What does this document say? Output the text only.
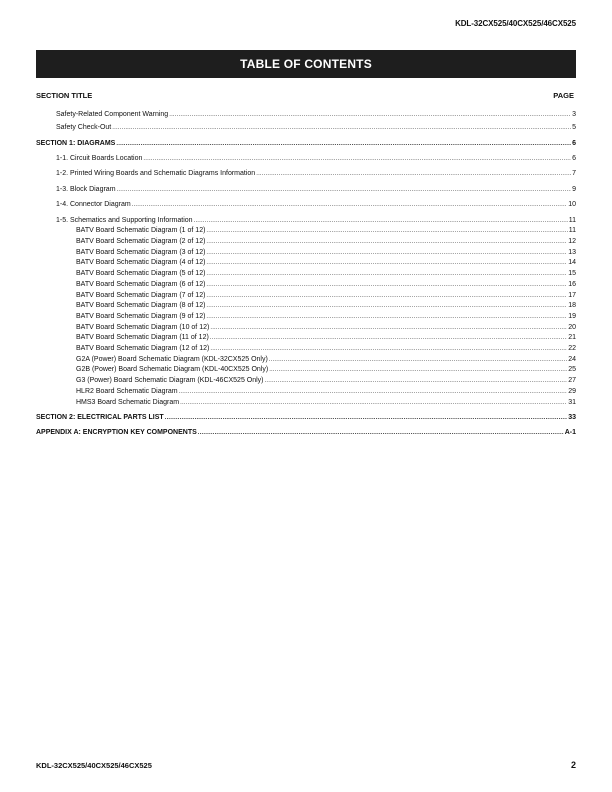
KDL-32CX525/40CX525/46CX525
TABLE OF CONTENTS
SECTION TITLE	PAGE
Safety-Related Component Warning .....	3
Safety Check-Out .....	5
SECTION 1: DIAGRAMS .....	6
1-1. Circuit Boards Location .....	6
1-2. Printed Wiring Boards and Schematic Diagrams Information .....	7
1-3. Block Diagram .....	9
1-4. Connector Diagram .....	10
1-5. Schematics and Supporting Information .....	11
BATV Board Schematic Diagram (1 of 12) .....	11
BATV Board Schematic Diagram (2 of 12) .....	12
BATV Board Schematic Diagram (3 of 12) .....	13
BATV Board Schematic Diagram (4 of 12) .....	14
BATV Board Schematic Diagram (5 of 12) .....	15
BATV Board Schematic Diagram (6 of 12) .....	16
BATV Board Schematic Diagram (7 of 12) .....	17
BATV Board Schematic Diagram (8 of 12) .....	18
BATV Board Schematic Diagram (9 of 12) .....	19
BATV Board Schematic Diagram (10 of 12) .....	20
BATV Board Schematic Diagram (11 of 12) .....	21
BATV Board Schematic Diagram (12 of 12) .....	22
G2A (Power) Board Schematic Diagram (KDL-32CX525 Only) .....	24
G2B (Power) Board Schematic Diagram (KDL-40CX525 Only) .....	25
G3 (Power) Board Schematic Diagram (KDL-46CX525 Only) .....	27
HLR2 Board Schematic Diagram .....	29
HMS3 Board Schematic Diagram .....	31
SECTION 2: ELECTRICAL PARTS LIST .....	33
APPENDIX A: ENCRYPTION KEY COMPONENTS .....	A-1
KDL-32CX525/40CX525/46CX525	2
